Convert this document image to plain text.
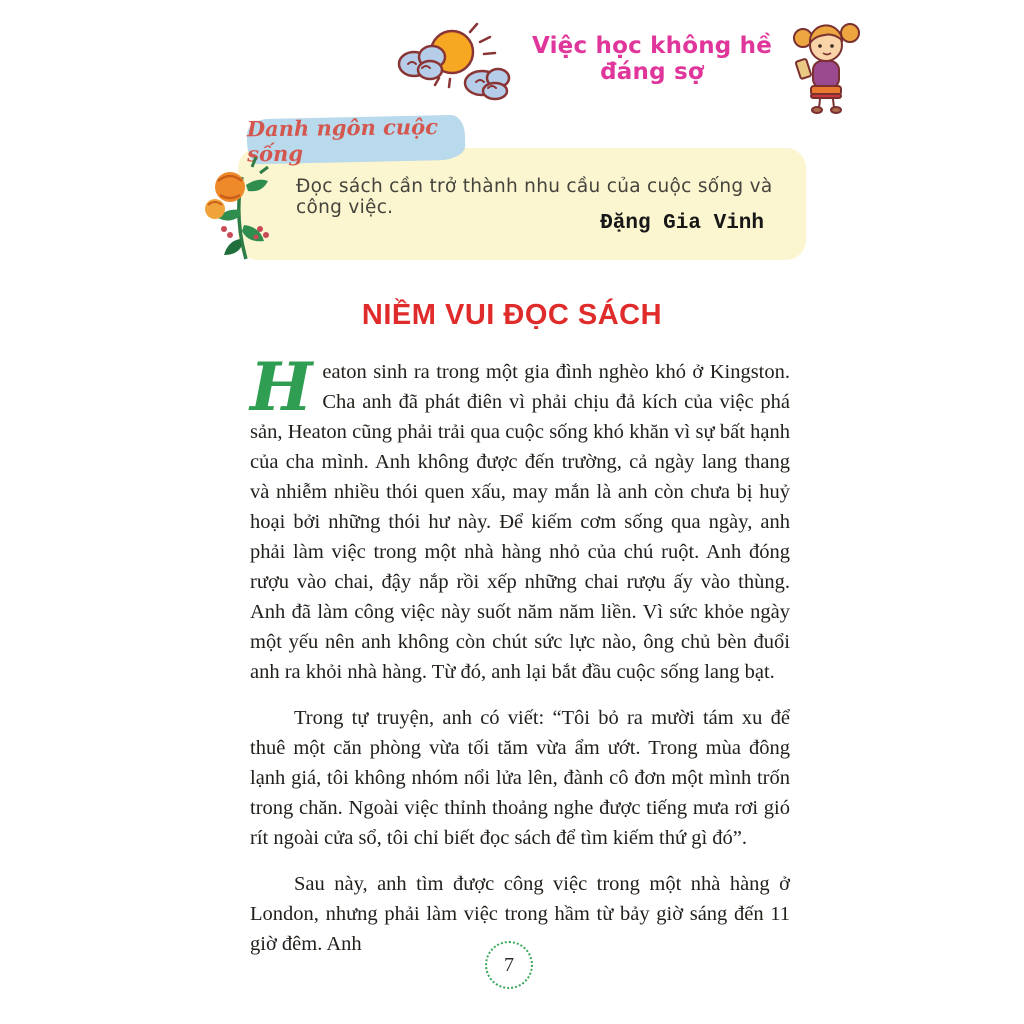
Việc học không hề đáng sợ
Đọc sách cần trở thành nhu cầu của cuộc sống và công việc.
Đặng Gia Vinh
Danh ngôn cuộc sống
NIỀM VUI ĐỌC SÁCH

Heaton sinh ra trong một gia đình nghèo khó ở Kingston. Cha anh đã phát điên vì phải chịu đả kích của việc phá sản, Heaton cũng phải trải qua cuộc sống khó khăn vì sự bất hạnh của cha mình. Anh không được đến trường, cả ngày lang thang và nhiễm nhiều thói quen xấu, may mắn là anh còn chưa bị huỷ hoại bởi những thói hư này. Để kiếm cơm sống qua ngày, anh phải làm việc trong một nhà hàng nhỏ của chú ruột. Anh đóng rượu vào chai, đậy nắp rồi xếp những chai rượu ấy vào thùng. Anh đã làm công việc này suốt năm năm liền. Vì sức khỏe ngày một yếu nên anh không còn chút sức lực nào, ông chủ bèn đuổi anh ra khỏi nhà hàng. Từ đó, anh lại bắt đầu cuộc sống lang bạt.

Trong tự truyện, anh có viết: “Tôi bỏ ra mười tám xu để thuê một căn phòng vừa tối tăm vừa ẩm ướt. Trong mùa đông lạnh giá, tôi không nhóm nổi lửa lên, đành cô đơn một mình trốn trong chăn. Ngoài việc thỉnh thoảng nghe được tiếng mưa rơi gió rít ngoài cửa sổ, tôi chỉ biết đọc sách để tìm kiếm thứ gì đó”.

Sau này, anh tìm được công việc trong một nhà hàng ở London, nhưng phải làm việc trong hầm từ bảy giờ sáng đến 11 giờ đêm. Anh

7
